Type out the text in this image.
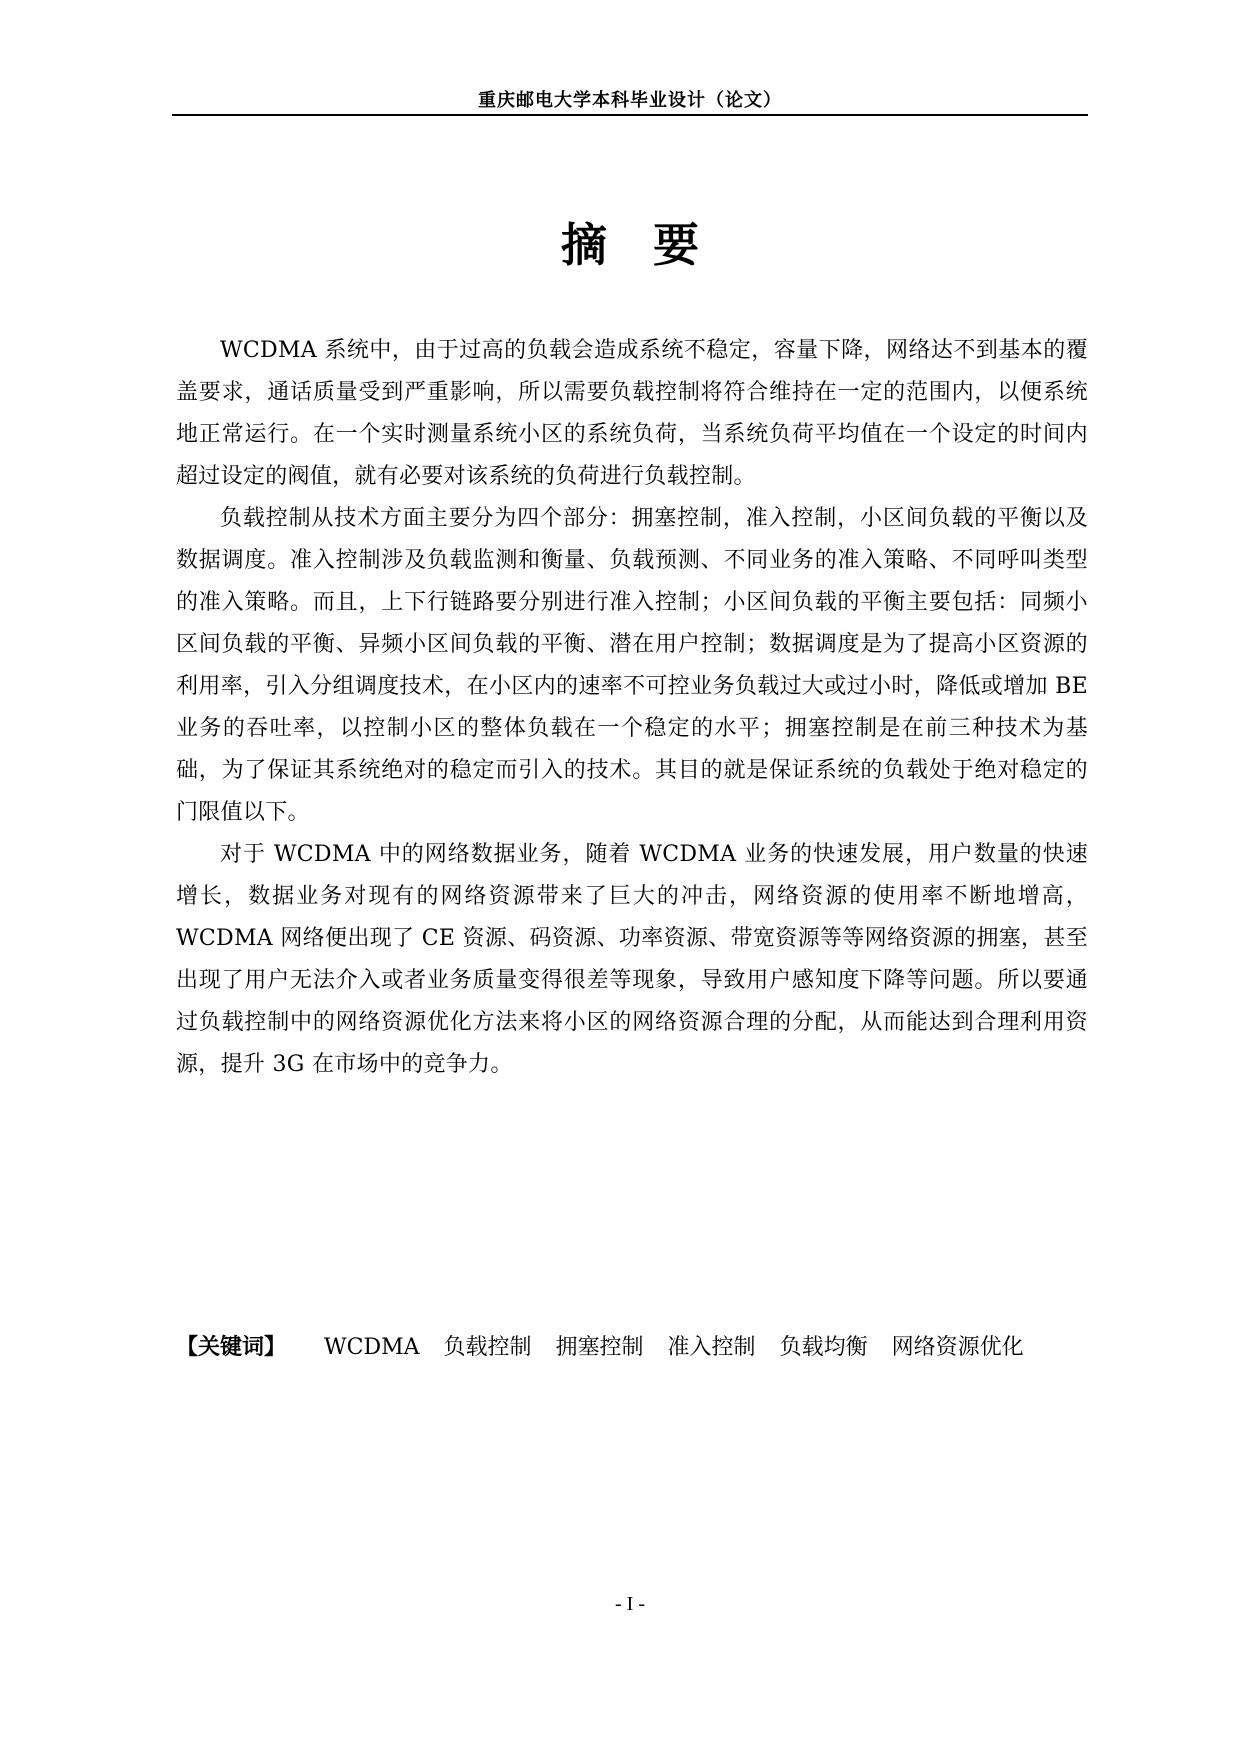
重庆邮电大学本科毕业设计（论文）
摘 要

WCDMA 系统中，由于过高的负载会造成系统不稳定，容量下降，网络达不到基本的覆盖要求，通话质量受到严重影响，所以需要负载控制将符合维持在一定的范围内，以便系统地正常运行。在一个实时测量系统小区的系统负荷，当系统负荷平均值在一个设定的时间内超过设定的阀值，就有必要对该系统的负荷进行负载控制。

负载控制从技术方面主要分为四个部分：拥塞控制，准入控制，小区间负载的平衡以及数据调度。准入控制涉及负载监测和衡量、负载预测、不同业务的准入策略、不同呼叫类型的准入策略。而且，上下行链路要分别进行准入控制；小区间负载的平衡主要包括：同频小区间负载的平衡、异频小区间负载的平衡、潜在用户控制；数据调度是为了提高小区资源的利用率，引入分组调度技术，在小区内的速率不可控业务负载过大或过小时，降低或增加 BE 业务的吞吐率，以控制小区的整体负载在一个稳定的水平；拥塞控制是在前三种技术为基础，为了保证其系统绝对的稳定而引入的技术。其目的就是保证系统的负载处于绝对稳定的门限值以下。

对于 WCDMA 中的网络数据业务，随着 WCDMA 业务的快速发展，用户数量的快速增长，数据业务对现有的网络资源带来了巨大的冲击，网络资源的使用率不断地增高，WCDMA 网络便出现了 CE 资源、码资源、功率资源、带宽资源等等网络资源的拥塞，甚至出现了用户无法介入或者业务质量变得很差等现象，导致用户感知度下降等问题。所以要通过负载控制中的网络资源优化方法来将小区的网络资源合理的分配，从而能达到合理利用资源，提升 3G 在市场中的竞争力。

【关键词】 WCDMA 负载控制 拥塞控制 准入控制 负载均衡 网络资源优化
- I -
